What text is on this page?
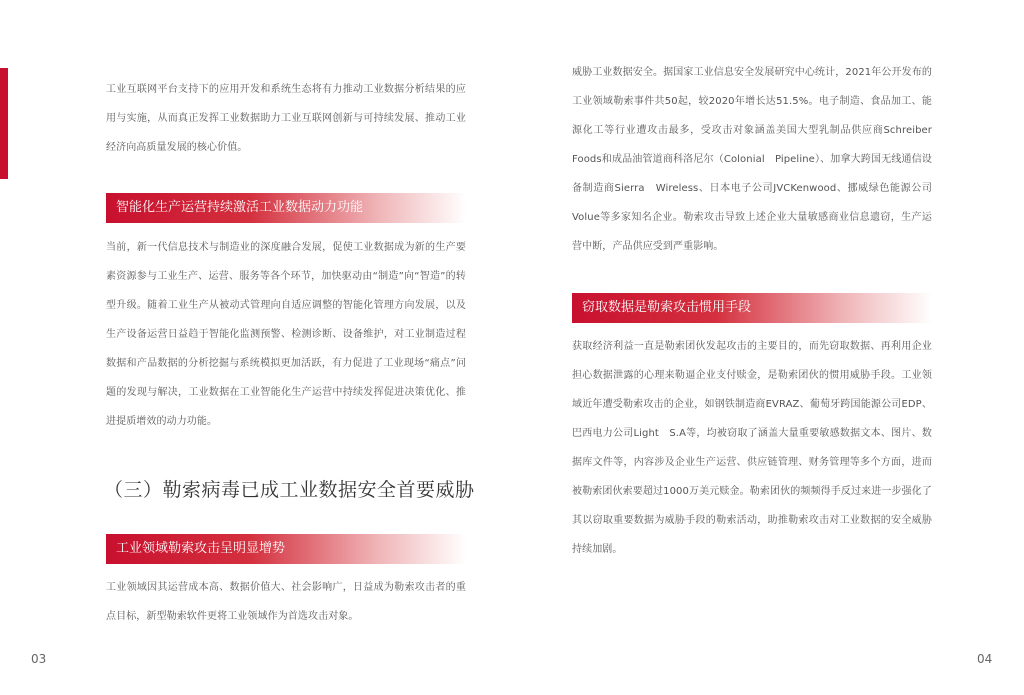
工业互联网平台支持下的应用开发和系统生态将有力推动工业数据分析结果的应用与实施，从而真正发挥工业数据助力工业互联网创新与可持续发展、推动工业经济向高质量发展的核心价值。

智能化生产运营持续激活工业数据动力功能

当前，新一代信息技术与制造业的深度融合发展，促使工业数据成为新的生产要素资源参与工业生产、运营、服务等各个环节，加快驱动由“制造”向“智造”的转型升级。随着工业生产从被动式管理向自适应调整的智能化管理方向发展，以及生产设备运营日益趋于智能化监测预警、检测诊断、设备维护，对工业制造过程数据和产品数据的分析挖掘与系统模拟更加活跃，有力促进了工业现场“痛点”问题的发现与解决，工业数据在工业智能化生产运营中持续发挥促进决策优化、推进提质增效的动力功能。

（三）勒索病毒已成工业数据安全首要威胁
工业领域勒索攻击呈明显增势

工业领域因其运营成本高、数据价值大、社会影响广，日益成为勒索攻击者的重点目标，新型勒索软件更将工业领域作为首选攻击对象。

03

威胁工业数据安全。据国家工业信息安全发展研究中心统计，2021年公开发布的工业领域勒索事件共50起，较2020年增长达51.5%。电子制造、食品加工、能源化工等行业遭攻击最多，受攻击对象涵盖美国大型乳制品供应商Schreiber Foods和成品油管道商科洛尼尔（Colonial　Pipeline）、加拿大跨国无线通信设备制造商Sierra　Wireless、日本电子公司JVCKenwood、挪威绿色能源公司Volue等多家知名企业。勒索攻击导致上述企业大量敏感商业信息遗窃，生产运营中断，产品供应受到严重影响。

窃取数据是勒索攻击惯用手段

获取经济利益一直是勒索团伙发起攻击的主要目的，而先窃取数据、再利用企业担心数据泄露的心理来勒逼企业支付赎金，是勒索团伙的惯用威胁手段。工业领域近年遭受勒索攻击的企业，如钢铁制造商EVRAZ、葡萄牙跨国能源公司EDP、巴西电力公司Light　S.A等，均被窃取了涵盖大量重要敏感数据文本、图片、数据库文件等，内容涉及企业生产运营、供应链管理、财务管理等多个方面，进而被勒索团伙索要超过1000万美元赎金。勒索团伙的频频得手反过来进一步强化了其以窃取重要数据为威胁手段的勒索活动，助推勒索攻击对工业数据的安全威胁持续加剧。

04
